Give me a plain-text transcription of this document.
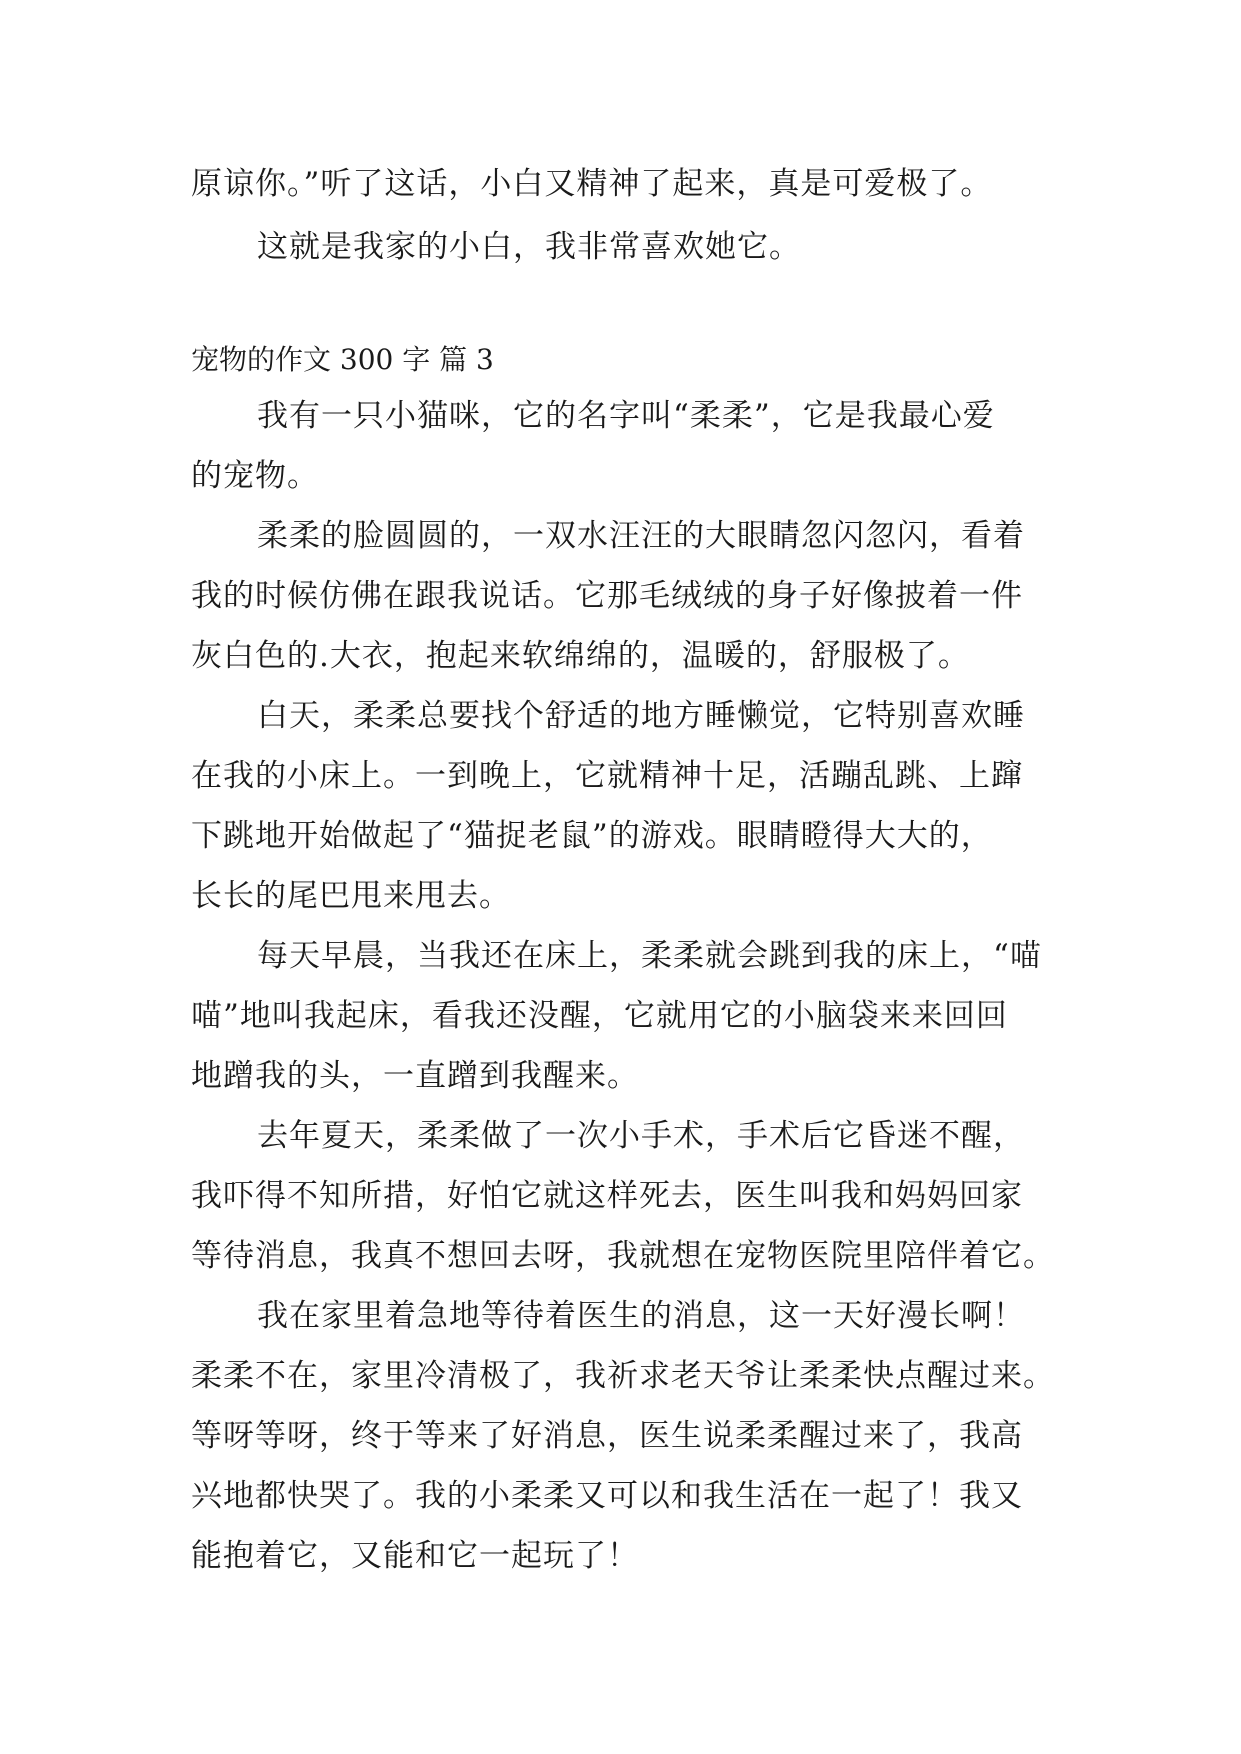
原谅你。”听了这话，小白又精神了起来，真是可爱极了。
这就是我家的小白，我非常喜欢她它。
宠物的作文 300 字 篇 3
我有一只小猫咪，它的名字叫“柔柔”，它是我最心爱
的宠物。
柔柔的脸圆圆的，一双水汪汪的大眼睛忽闪忽闪，看着
我的时候仿佛在跟我说话。它那毛绒绒的身子好像披着一件
灰白色的.大衣，抱起来软绵绵的，温暖的，舒服极了。
白天，柔柔总要找个舒适的地方睡懒觉，它特别喜欢睡
在我的小床上。一到晚上，它就精神十足，活蹦乱跳、上蹿
下跳地开始做起了“猫捉老鼠”的游戏。眼睛瞪得大大的，
长长的尾巴甩来甩去。
每天早晨，当我还在床上，柔柔就会跳到我的床上，“喵
喵”地叫我起床，看我还没醒，它就用它的小脑袋来来回回
地蹭我的头，一直蹭到我醒来。
去年夏天，柔柔做了一次小手术，手术后它昏迷不醒，
我吓得不知所措，好怕它就这样死去，医生叫我和妈妈回家
等待消息，我真不想回去呀，我就想在宠物医院里陪伴着它。
我在家里着急地等待着医生的消息，这一天好漫长啊！
柔柔不在，家里冷清极了，我祈求老天爷让柔柔快点醒过来。
等呀等呀，终于等来了好消息，医生说柔柔醒过来了，我高
兴地都快哭了。我的小柔柔又可以和我生活在一起了！我又
能抱着它，又能和它一起玩了！
